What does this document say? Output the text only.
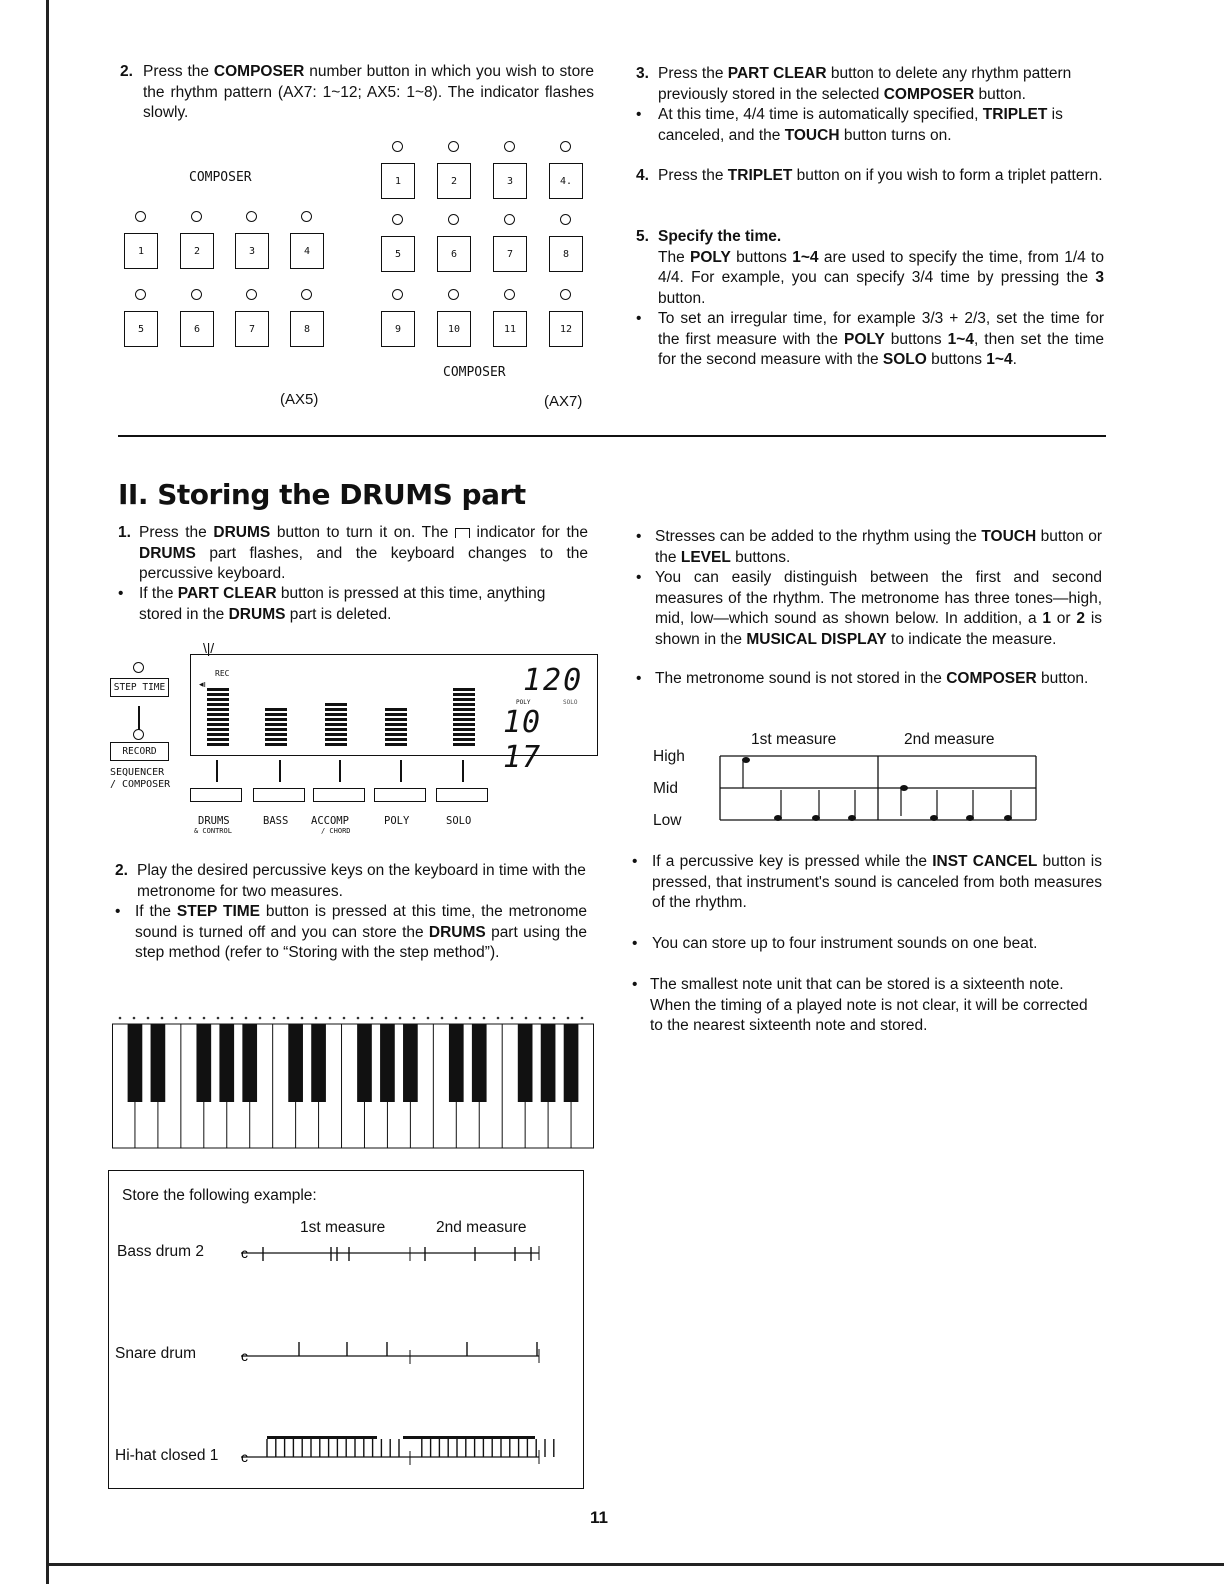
2. Press the COMPOSER number button in which you wish to store the rhythm pattern (AX7: 1~12; AX5: 1~8). The indicator flashes slowly.
COMPOSER
(AX5)
COMPOSER
(AX7)
1	2	3	4
5	6	7	8
1	2	3	4.
5	6	7	8
9	10	11	12
3. Press the PART CLEAR button to delete any rhythm pattern previously stored in the selected COMPOSER button.
• At this time, 4/4 time is automatically specified, TRIPLET is canceled, and the TOUCH button turns on.
4. Press the TRIPLET button on if you wish to form a triplet pattern.
5. Specify the time.
The POLY buttons 1~4 are used to specify the time, from 1/4 to 4/4. For example, you can specify 3/4 time by pressing the 3 button.
• To set an irregular time, for example 3/3 + 2/3, set the time for the first measure with the POLY buttons 1~4, then set the time for the second measure with the SOLO buttons 1~4.
II. Storing the DRUMS part
1. Press the DRUMS button to turn it on. The  indicator for the DRUMS part flashes, and the keyboard changes to the percussive keyboard.
• If the PART CLEAR button is pressed at this time, anything stored in the DRUMS part is deleted.
STEP TIME
RECORD
SEQUENCER
/ COMPOSER
REC
◂ı	120
POLY	SOLO
10 17
\ | /
DRUMS	BASS ACCOMP	POLY	SOLO
& CONTROL	/ CHORD
2. Play the desired percussive keys on the keyboard in time with the metronome for two measures.
• If the STEP TIME button is pressed at this time, the metronome sound is turned off and you can store the DRUMS part using the step method (refer to “Storing with the step method”).
Store the following example:
1st measure	2nd measure
Bass drum 2
Snare drum
Hi-hat closed 1
c
c
c
• Stresses can be added to the rhythm using the TOUCH button or the LEVEL buttons.
• You can easily distinguish between the first and second measures of the rhythm. The metronome has three tones—high, mid, low—which sound as shown below. In addition, a 1 or 2 is shown in the MUSICAL DISPLAY to indicate the measure.
• The metronome sound is not stored in the COMPOSER button.
1st measure	2nd measure
High
Mid
Low
• If a percussive key is pressed while the INST CANCEL button is pressed, that instrument's sound is canceled from both measures of the rhythm.
• You can store up to four instrument sounds on one beat.
• The smallest note unit that can be stored is a sixteenth note. When the timing of a played note is not clear, it will be corrected to the nearest sixteenth note and stored.
11
